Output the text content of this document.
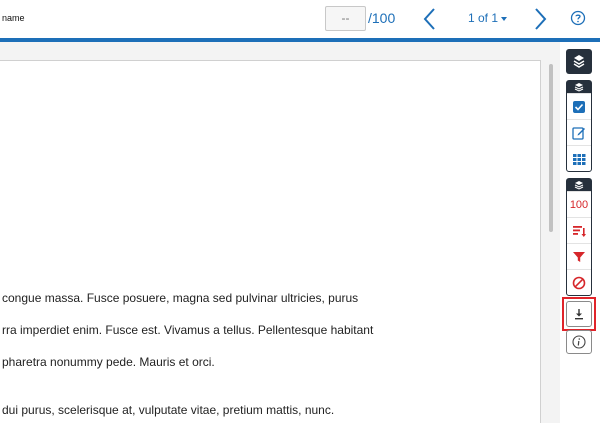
name	--	/100	1 of 1
congue massa. Fusce posuere, magna sed pulvinar ultricies, purus
rra imperdiet enim. Fusce est. Vivamus a tellus. Pellentesque habitant
pharetra nonummy pede. Mauris et orci.
dui purus, scelerisque at, vulputate vitae, pretium mattis, nunc.
100
